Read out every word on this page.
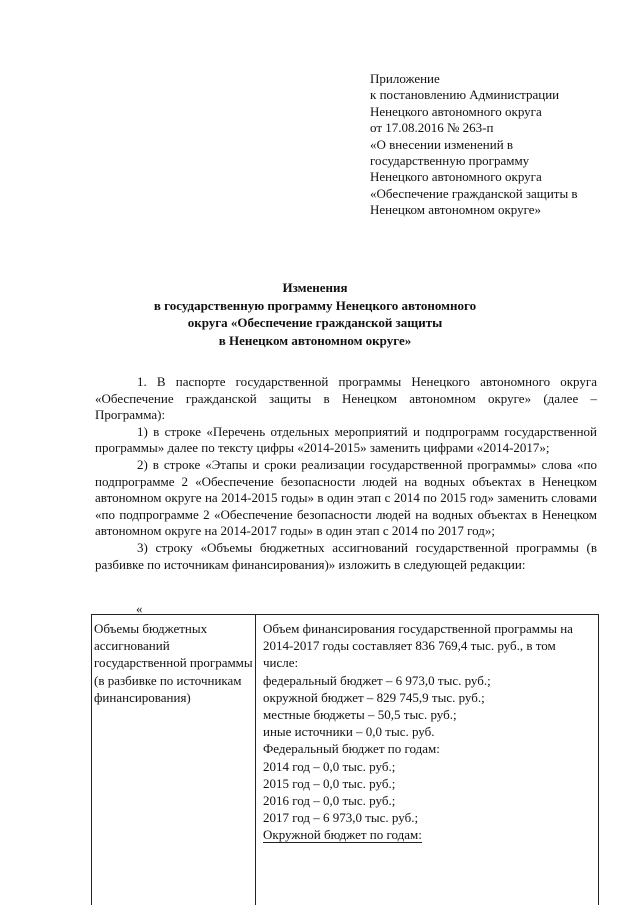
Приложение
к постановлению Администрации
Ненецкого автономного округа
от 17.08.2016 № 263-п
«О внесении изменений в
государственную программу
Ненецкого автономного округа
«Обеспечение гражданской защиты в
Ненецком автономном округе»
Изменения
в государственную программу Ненецкого автономного
округа «Обеспечение гражданской защиты
в Ненецком автономном округе»

1. В паспорте государственной программы Ненецкого автономного округа «Обеспечение гражданской защиты в Ненецком автономном округе» (далее – Программа):

1) в строке «Перечень отдельных мероприятий и подпрограмм государственной программы» далее по тексту цифры «2014-2015» заменить цифрами «2014-2017»;

2) в строке «Этапы и сроки реализации государственной программы» слова «по подпрограмме 2 «Обеспечение безопасности людей на водных объектах в Ненецком автономном округе на 2014-2015 годы» в один этап с 2014 по 2015 год» заменить словами «по подпрограмме 2 «Обеспечение безопасности людей на водных объектах в Ненецком автономном округе на 2014-2017 годы» в один этап с 2014 по 2017 год»;

3) строку «Объемы бюджетных ассигнований государственной программы (в разбивке по источникам финансирования)» изложить в следующей редакции:

«
Объемы бюджетных ассигнований государственной программы (в разбивке по источникам финансирования)
Объем финансирования государственной программы на 2014-2017 годы составляет 836 769,4 тыс. руб., в том числе:
федеральный бюджет – 6 973,0 тыс. руб.;
окружной бюджет – 829 745,9 тыс. руб.;
местные бюджеты – 50,5 тыс. руб.;
иные источники – 0,0 тыс. руб.
Федеральный бюджет по годам:
2014 год – 0,0 тыс. руб.;
2015 год – 0,0 тыс. руб.;
2016 год – 0,0 тыс. руб.;
2017 год – 6 973,0 тыс. руб.;
Окружной бюджет по годам:
